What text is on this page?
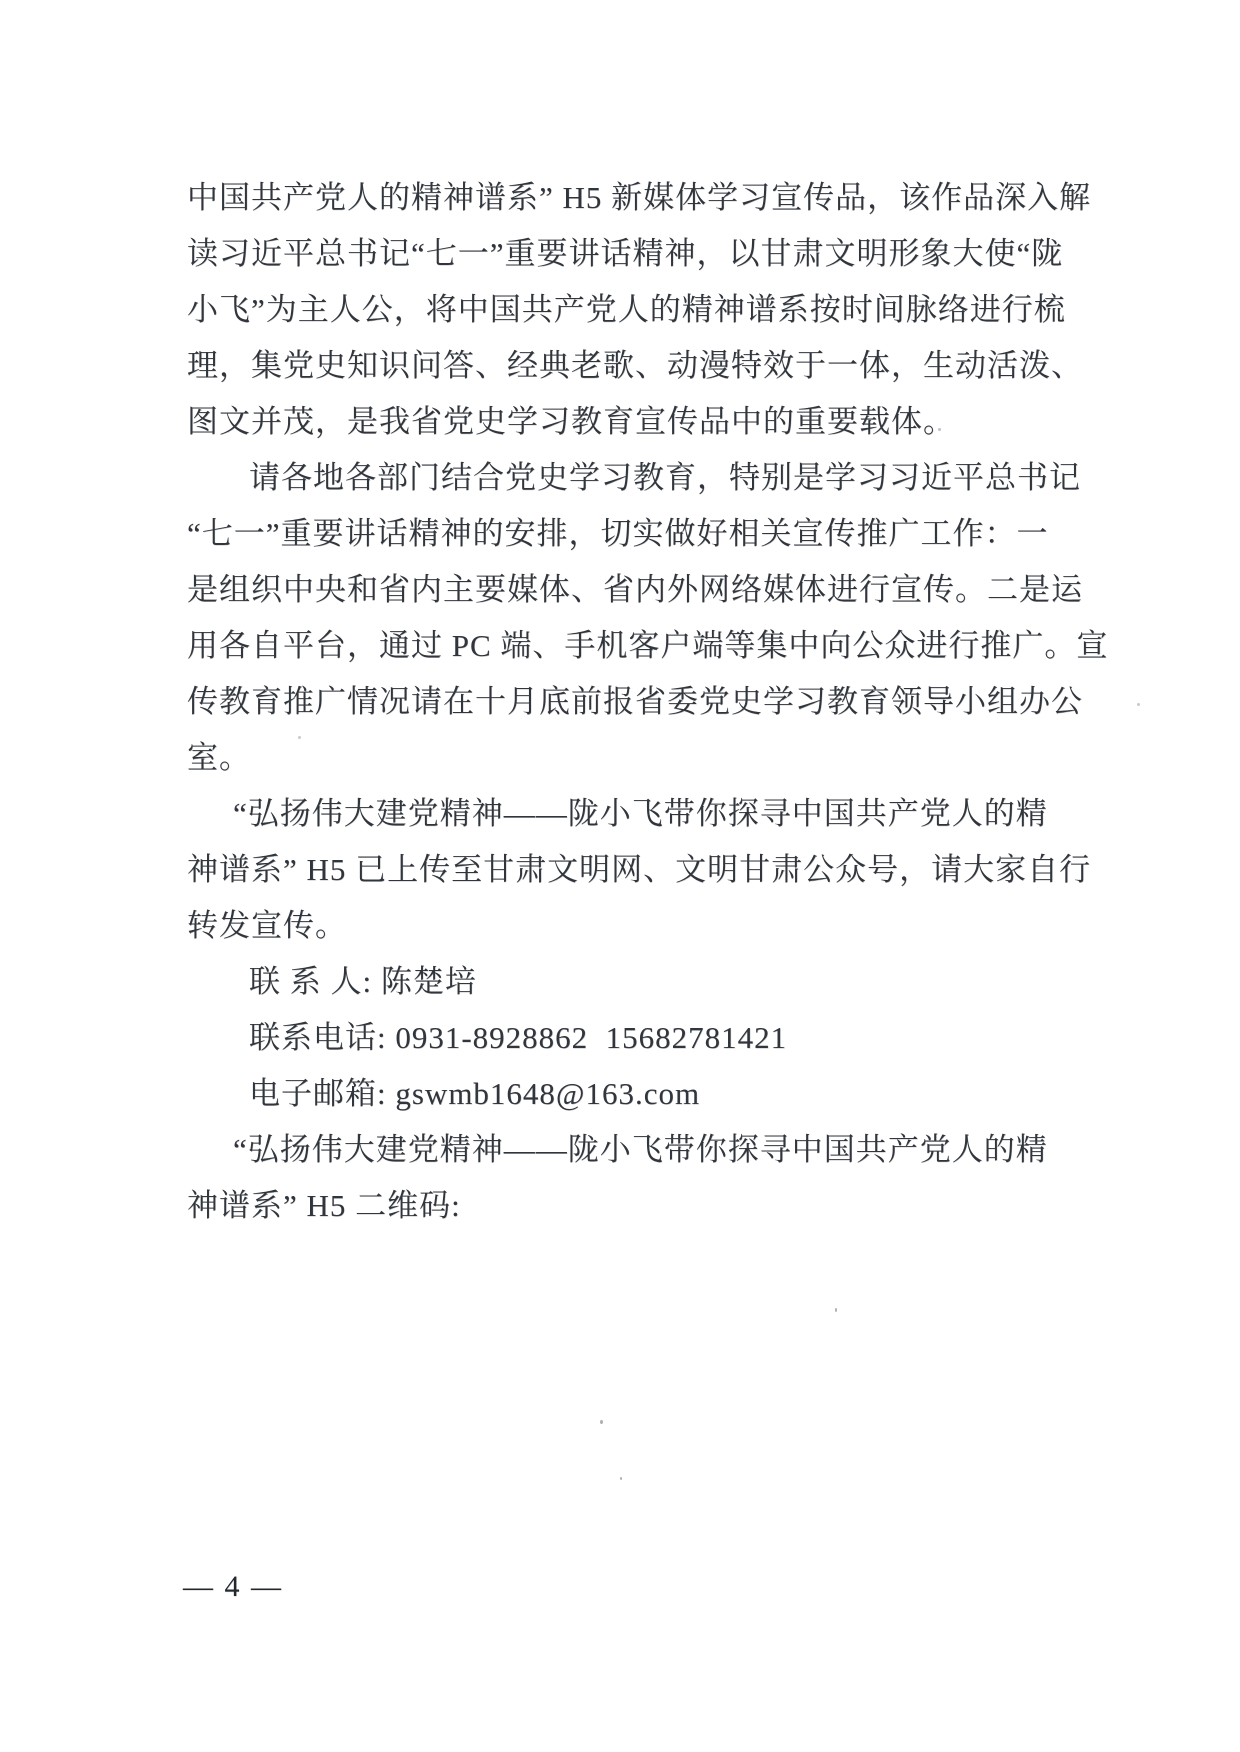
中国共产党人的精神谱系” H5 新媒体学习宣传品，该作品深入解
读习近平总书记“七一”重要讲话精神，以甘肃文明形象大使“陇
小飞”为主人公，将中国共产党人的精神谱系按时间脉络进行梳
理，集党史知识问答、经典老歌、动漫特效于一体，生动活泼、
图文并茂，是我省党史学习教育宣传品中的重要载体。
请各地各部门结合党史学习教育，特别是学习习近平总书记
“七一”重要讲话精神的安排，切实做好相关宣传推广工作：一
是组织中央和省内主要媒体、省内外网络媒体进行宣传。二是运
用各自平台，通过 PC 端、手机客户端等集中向公众进行推广。宣
传教育推广情况请在十月底前报省委党史学习教育领导小组办公
室。
“弘扬伟大建党精神——陇小飞带你探寻中国共产党人的精
神谱系” H5 已上传至甘肃文明网、文明甘肃公众号，请大家自行
转发宣传。
联 系 人: 陈楚培
联系电话: 0931-8928862  15682781421
电子邮箱: gswmb1648@163.com
“弘扬伟大建党精神——陇小飞带你探寻中国共产党人的精
神谱系” H5 二维码:
— 4 —
